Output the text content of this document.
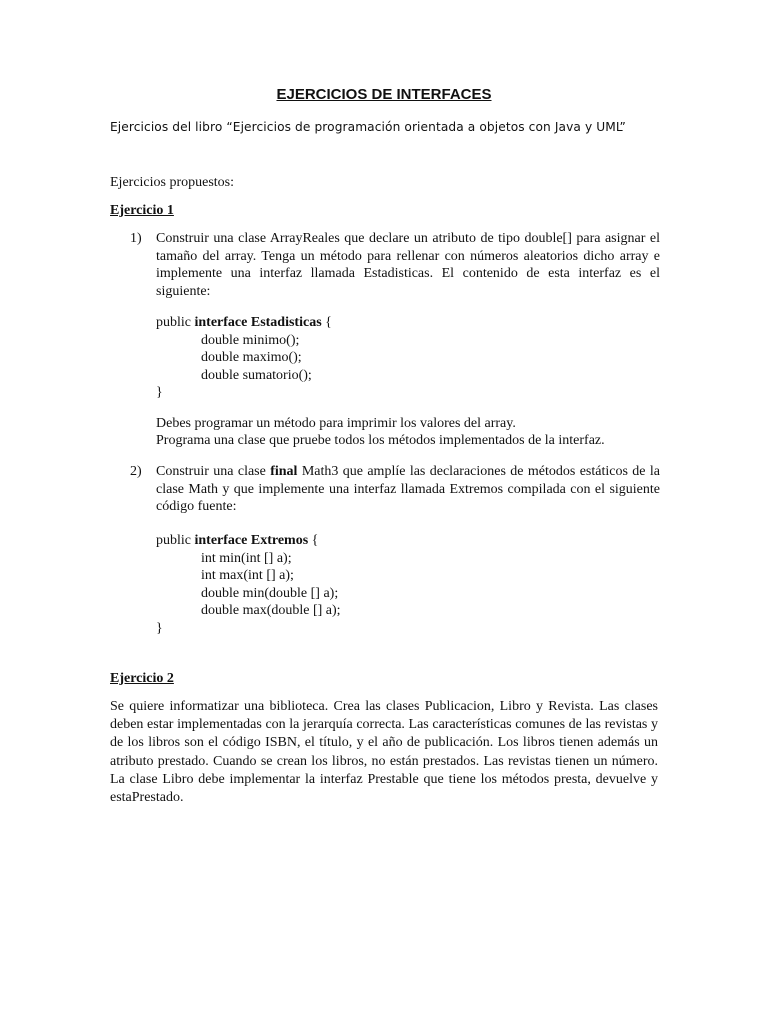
EJERCICIOS DE INTERFACES
Ejercicios del libro “Ejercicios de programación orientada a objetos con Java y UML”
Ejercicios propuestos:
Ejercicio 1
1) Construir una clase ArrayReales que declare un atributo de tipo double[] para asignar el tamaño del array. Tenga un método para rellenar con números aleatorios dicho array e implemente una interfaz llamada Estadisticas. El contenido de esta interfaz es el siguiente:
public interface Estadisticas {
double minimo();
double maximo();
double sumatorio();
}
Debes programar un método para imprimir los valores del array.
Programa una clase que pruebe todos los métodos implementados de la interfaz.
2) Construir una clase final Math3 que amplíe las declaraciones de métodos estáticos de la clase Math y que implemente una interfaz llamada Extremos compilada con el siguiente código fuente:
public interface Extremos {
int min(int [] a);
int max(int [] a);
double min(double [] a);
double max(double [] a);
}
Ejercicio 2
Se quiere informatizar una biblioteca. Crea las clases Publicacion, Libro y Revista. Las clases deben estar implementadas con la jerarquía correcta. Las características comunes de las revistas y de los libros son el código ISBN, el título, y el año de publicación. Los libros tienen además un atributo prestado. Cuando se crean los libros, no están prestados. Las revistas tienen un número. La clase Libro debe implementar la interfaz Prestable que tiene los métodos presta, devuelve y estaPrestado.
